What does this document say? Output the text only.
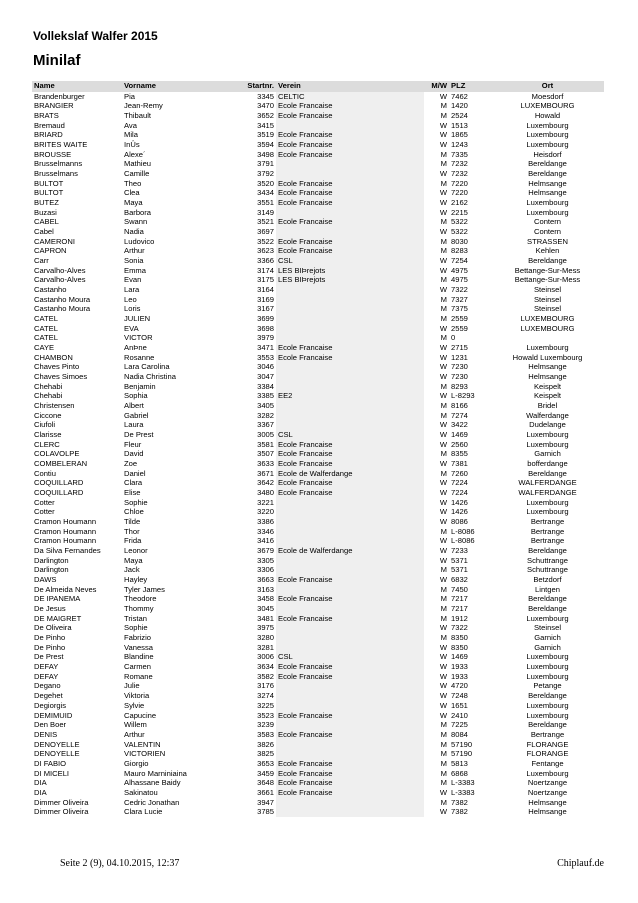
Vollekslaf Walfer 2015
Minilaf
Name	Vorname	Startnr.	Verein	M/W	PLZ	Ort
Brandenburger	Pia	3345	CELTIC	W	7462	Moesdorf
BRANGIER	Jean-Remy	3470	Ecole Francaise	M	1420	LUXEMBOURG
BRATS	Thibault	3652	Ecole Francaise	M	2524	Howald
Bremaud	Ava	3415		W	1513	Luxembourg
BRIARD	Mila	3519	Ecole Francaise	W	1865	Luxembourg
BRITES WAITE	InÛs	3594	Ecole Francaise	W	1243	Luxembourg
BROUSSE	Alexe´	3498	Ecole Francaise	M	7335	Heisdorf
Brusselmanns	Mathieu	3791		M	7232	Bereldange
Brusselmans	Camille	3792		W	7232	Bereldange
BULTOT	Theo	3520	Ecole Francaise	M	7220	Helmsange
BULTOT	Clea	3434	Ecole Francaise	W	7220	Helmsange
BUTEZ	Maya	3551	Ecole Francaise	W	2162	Luxembourg
Buzasi	Barbora	3149		W	2215	Luxembourg
CABEL	Swann	3521	Ecole Francaise	M	5322	Contern
Cabel	Nadia	3697		W	5322	Contern
CAMERONI	Ludovico	3522	Ecole Francaise	M	8030	STRASSEN
CAPRON	Arthur	3623	Ecole Francaise	M	8283	Kehlen
Carr	Sonia	3366	CSL	W	7254	Bereldange
Carvalho-Alves	Emma	3174	LES BIÞrejots	W	4975	Bettange-Sur-Mess
Carvalho-Alves	Evan	3175	LES BIÞrejots	M	4975	Bettange-Sur-Mess
Castanho	Lara	3164		W	7322	Steinsel
Castanho Moura	Leo	3169		M	7327	Steinsel
Castanho Moura	Loris	3167		M	7375	Steinsel
CATEL	JULIEN	3699		M	2559	LUXEMBOURG
CATEL	EVA	3698		W	2559	LUXEMBOURG
CATEL	VICTOR	3979		M	0	
CAYE	AnÞne	3471	Ecole Francaise	W	2715	Luxembourg
CHAMBON	Rosanne	3553	Ecole Francaise	W	1231	Howald Luxembourg
Chaves Pinto	Lara Carolina	3046		W	7230	Helmsange
Chaves Simoes	Nadia Christina	3047		W	7230	Helmsange
Chehabi	Benjamin	3384		M	8293	Keispelt
Chehabi	Sophia	3385	EE2	W	L-8293	Keispelt
Christensen	Albert	3405		M	8166	Bridel
Ciccone	Gabriel	3282		M	7274	Walferdange
Ciufoli	Laura	3367		W	3422	Dudelange
Clarisse	De Prest	3005	CSL	W	1469	Luxembourg
CLERC	Fleur	3581	Ecole Francaise	W	2560	Luxembourg
COLAVOLPE	David	3507	Ecole Francaise	M	8355	Garnich
COMBELERAN	Zoe	3633	Ecole Francaise	W	7381	bofferdange
Contiu	Daniel	3671	Ecole de Walferdange	M	7260	Bereldange
COQUILLARD	Clara	3642	Ecole Francaise	W	7224	WALFERDANGE
COQUILLARD	Elise	3480	Ecole Francaise	W	7224	WALFERDANGE
Cotter	Sophie	3221		W	1426	Luxembourg
Cotter	Chloe	3220		W	1426	Luxembourg
Cramon Houmann	Tilde	3386		W	8086	Bertrange
Cramon Houmann	Thor	3346		M	L-8086	Bertrange
Cramon Houmann	Frida	3416		W	L-8086	Bertrange
Da Silva Fernandes	Leonor	3679	Ecole de Walferdange	W	7233	Bereldange
Darlington	Maya	3305		W	5371	Schuttrange
Darlington	Jack	3306		M	5371	Schuttrange
DAWS	Hayley	3663	Ecole Francaise	W	6832	Betzdorf
De Almeida Neves	Tyler James	3163		M	7450	Lintgen
DE IPANEMA	Theodore	3458	Ecole Francaise	M	7217	Bereldange
De Jesus	Thommy	3045		M	7217	Bereldange
DE MAIGRET	Tristan	3481	Ecole Francaise	M	1912	Luxembourg
De Oliveira	Sophie	3975		W	7322	Steinsel
De Pinho	Fabrizio	3280		M	8350	Garnich
De Pinho	Vanessa	3281		W	8350	Garnich
De Prest	Blandine	3006	CSL	W	1469	Luxembourg
DEFAY	Carmen	3634	Ecole Francaise	W	1933	Luxembourg
DEFAY	Romane	3582	Ecole Francaise	W	1933	Luxembourg
Degano	Julie	3176		W	4720	Petange
Degehet	Viktoria	3274		W	7248	Bereldange
Degiorgis	Sylvie	3225		W	1651	Luxembourg
DEMIMUID	Capucine	3523	Ecole Francaise	W	2410	Luxembourg
Den Boer	Willem	3239		M	7225	Bereldange
DENIS	Arthur	3583	Ecole Francaise	M	8084	Bertrange
DENOYELLE	VALENTIN	3826		M	57190	FLORANGE
DENOYELLE	VICTORIEN	3825		M	57190	FLORANGE
DI FABIO	Giorgio	3653	Ecole Francaise	M	5813	Fentange
DI MICELI	Mauro Marniniaina	3459	Ecole Francaise	M	6868	Luxembourg
DIA	Alhassane Baidy	3648	Ecole Francaise	M	L-3383	Noertzange
DIA	Sakinatou	3661	Ecole Francaise	W	L-3383	Noertzange
Dimmer Oliveira	Cedric Jonathan	3947		M	7382	Helmsange
Dimmer Oliveira	Clara Lucie	3785		W	7382	Helmsange
Seite 2 (9), 04.10.2015, 12:37	Chiplauf.de
